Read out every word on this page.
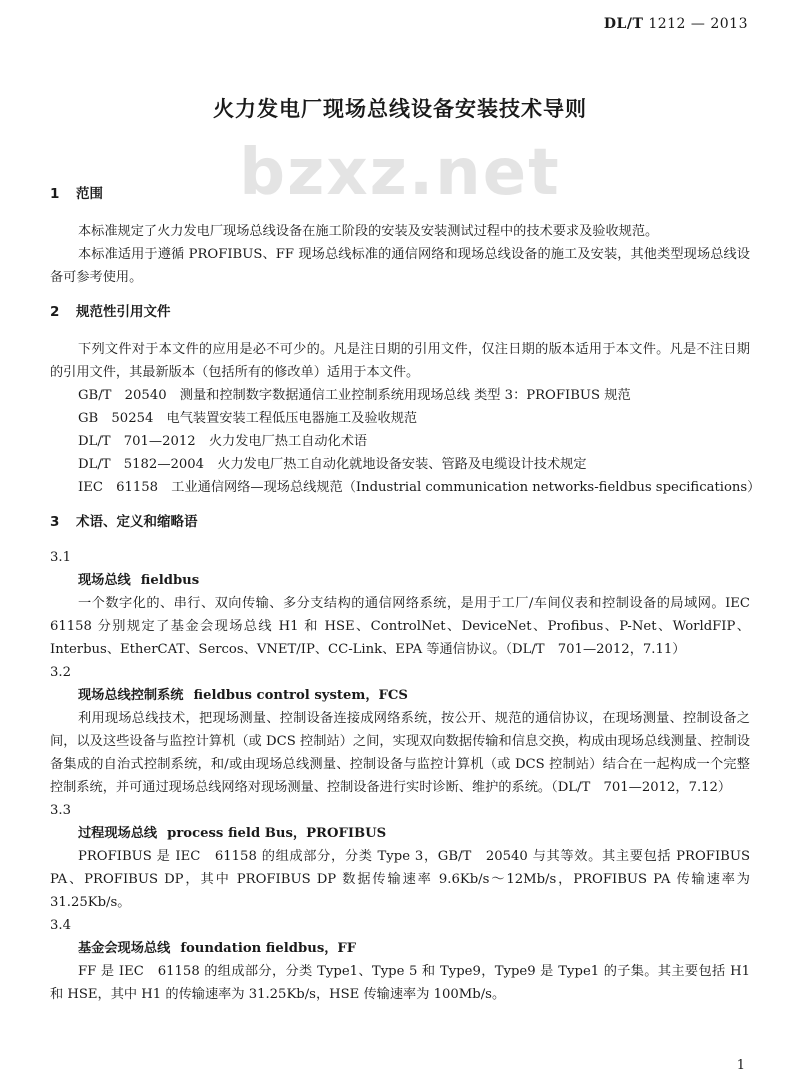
DL/T 1212 — 2013
火力发电厂现场总线设备安装技术导则
bzxz.net

1 范围

本标准规定了火力发电厂现场总线设备在施工阶段的安装及安装测试过程中的技术要求及验收规范。

本标准适用于遵循 PROFIBUS、FF 现场总线标准的通信网络和现场总线设备的施工及安装，其他类型现场总线设备可参考使用。

2 规范性引用文件

下列文件对于本文件的应用是必不可少的。凡是注日期的引用文件，仅注日期的版本适用于本文件。凡是不注日期的引用文件，其最新版本（包括所有的修改单）适用于本文件。

GB/T　20540　测量和控制数字数据通信工业控制系统用现场总线 类型 3：PROFIBUS 规范

GB　50254　电气装置安装工程低压电器施工及验收规范

DL/T　701—2012　火力发电厂热工自动化术语

DL/T　5182—2004　火力发电厂热工自动化就地设备安装、管路及电缆设计技术规定

IEC　61158　工业通信网络—现场总线规范（Industrial communication networks-fieldbus specifications）

3 术语、定义和缩略语

3.1

现场总线 fieldbus

一个数字化的、串行、双向传输、多分支结构的通信网络系统，是用于工厂/车间仪表和控制设备的局域网。IEC　61158 分别规定了基金会现场总线 H1 和 HSE、ControlNet、DeviceNet、Profibus、P-Net、WorldFIP、Interbus、EtherCAT、Sercos、VNET/IP、CC-Link、EPA 等通信协议。（DL/T　701—2012，7.11）

3.2

现场总线控制系统 fieldbus control system，FCS

利用现场总线技术，把现场测量、控制设备连接成网络系统，按公开、规范的通信协议，在现场测量、控制设备之间，以及这些设备与监控计算机（或 DCS 控制站）之间，实现双向数据传输和信息交换，构成由现场总线测量、控制设备集成的自治式控制系统，和/或由现场总线测量、控制设备与监控计算机（或 DCS 控制站）结合在一起构成一个完整控制系统，并可通过现场总线网络对现场测量、控制设备进行实时诊断、维护的系统。（DL/T　701—2012，7.12）

3.3

过程现场总线 process field Bus，PROFIBUS

PROFIBUS 是 IEC　61158 的组成部分，分类 Type 3，GB/T　20540 与其等效。其主要包括 PROFIBUS PA、PROFIBUS DP，其中 PROFIBUS DP 数据传输速率 9.6Kb/s～12Mb/s，PROFIBUS PA 传输速率为 31.25Kb/s。

3.4

基金会现场总线 foundation fieldbus，FF

FF 是 IEC　61158 的组成部分，分类 Type1、Type 5 和 Type9，Type9 是 Type1 的子集。其主要包括 H1 和 HSE，其中 H1 的传输速率为 31.25Kb/s，HSE 传输速率为 100Mb/s。

1
